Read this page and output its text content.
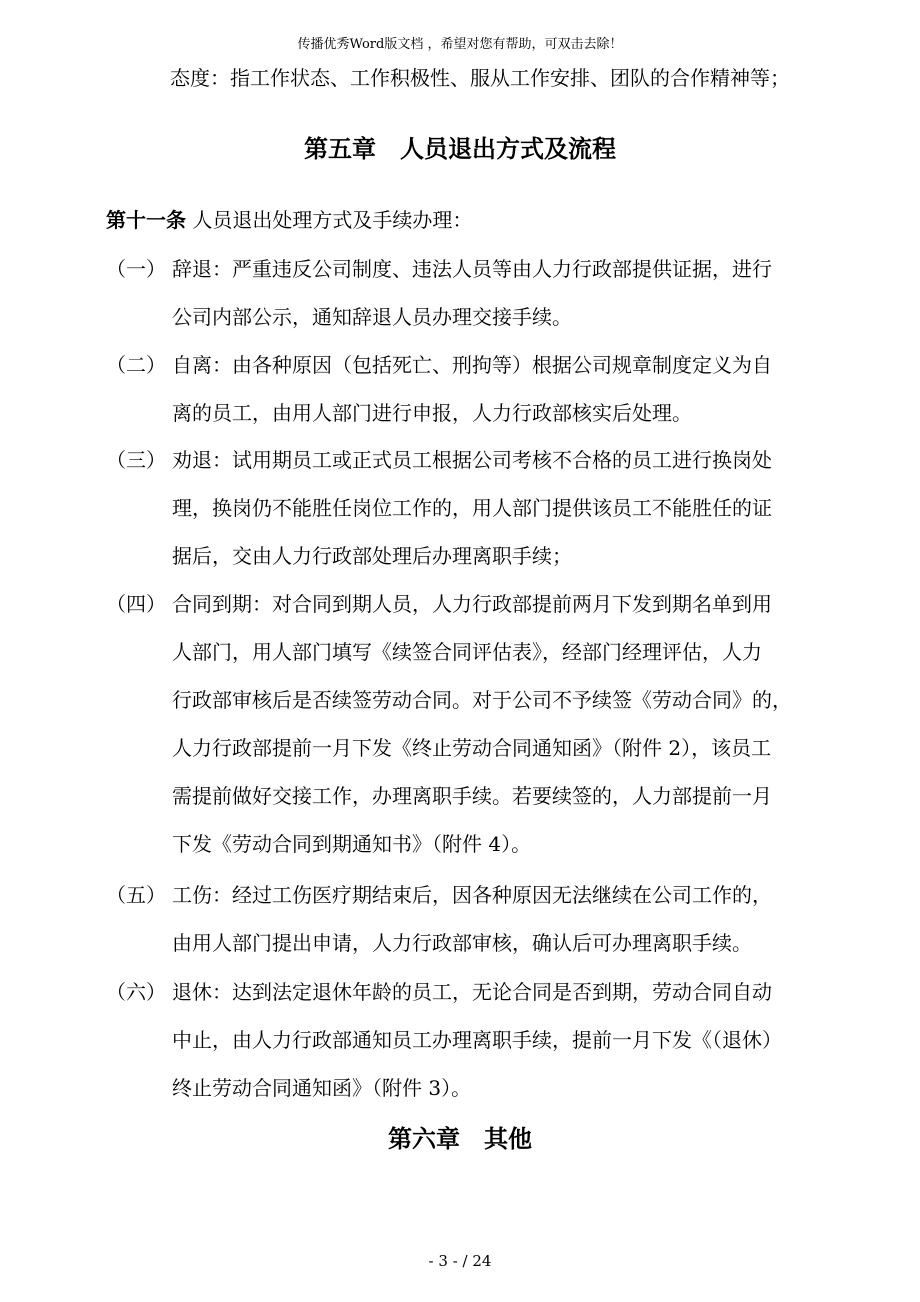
传播优秀Word版文档 ，希望对您有帮助，可双击去除！
态度：指工作状态、工作积极性、服从工作安排、团队的合作精神等；
第五章　人员退出方式及流程
第十一条 人员退出处理方式及手续办理：
（一） 辞退：严重违反公司制度、违法人员等由人力行政部提供证据，进行
公司内部公示，通知辞退人员办理交接手续。
（二） 自离：由各种原因（包括死亡、刑拘等）根据公司规章制度定义为自
离的员工，由用人部门进行申报，人力行政部核实后处理。
（三） 劝退：试用期员工或正式员工根据公司考核不合格的员工进行换岗处
理，换岗仍不能胜任岗位工作的，用人部门提供该员工不能胜任的证
据后，交由人力行政部处理后办理离职手续；
（四） 合同到期：对合同到期人员，人力行政部提前两月下发到期名单到用
人部门，用人部门填写《续签合同评估表》，经部门经理评估，人力
行政部审核后是否续签劳动合同。对于公司不予续签《劳动合同》的，
人力行政部提前一月下发《终止劳动合同通知函》（附件 2），该员工
需提前做好交接工作，办理离职手续。若要续签的，人力部提前一月
下发《劳动合同到期通知书》（附件 4）。
（五） 工伤：经过工伤医疗期结束后，因各种原因无法继续在公司工作的，
由用人部门提出申请，人力行政部审核，确认后可办理离职手续。
（六） 退休：达到法定退休年龄的员工，无论合同是否到期，劳动合同自动
中止，由人力行政部通知员工办理离职手续，提前一月下发《（退休）
终止劳动合同通知函》（附件 3）。
第六章　其他
- 3 - / 24
